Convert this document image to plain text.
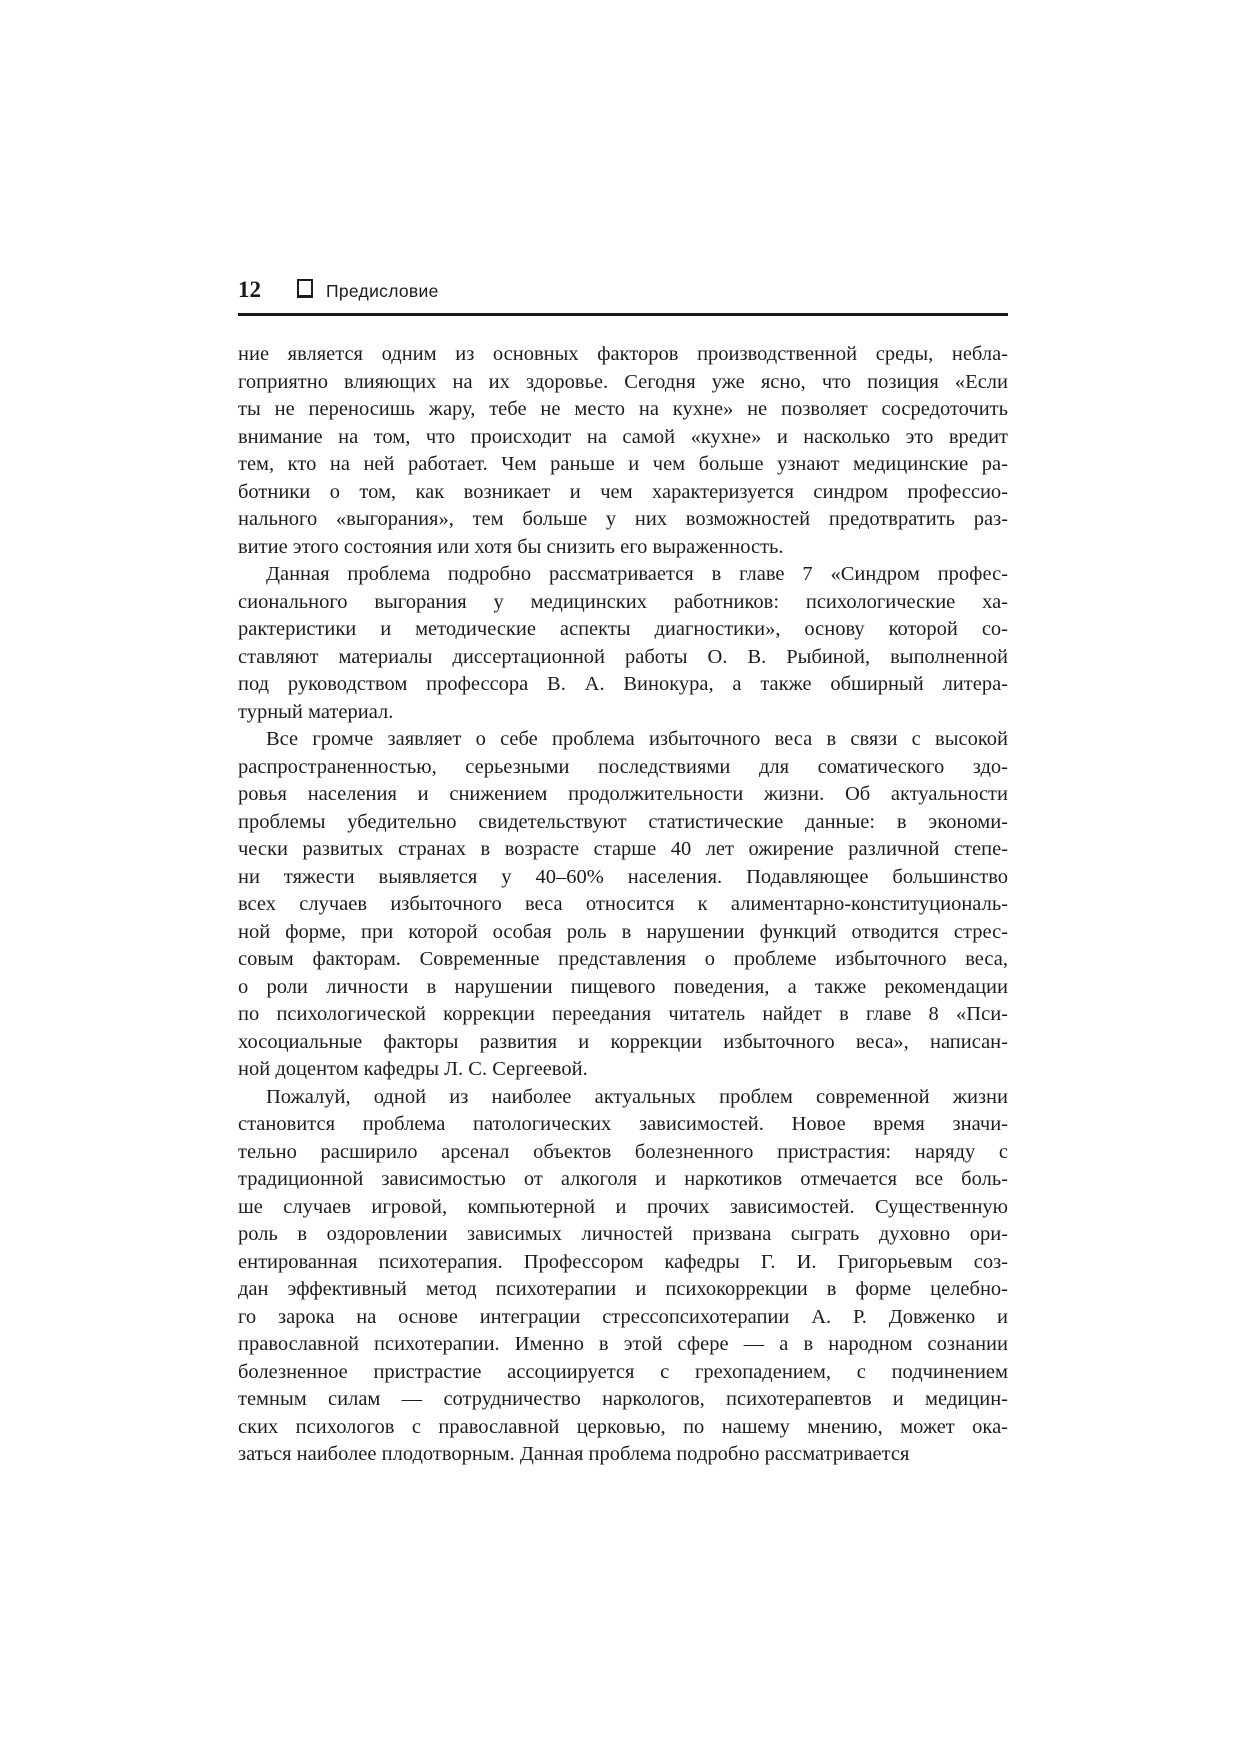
12	Предисловие
ние является одним из основных факторов производственной среды, небла-
гоприятно влияющих на их здоровье. Сегодня уже ясно, что позиция «Если
ты не переносишь жару, тебе не место на кухне» не позволяет сосредоточить
внимание на том, что происходит на самой «кухне» и насколько это вредит
тем, кто на ней работает. Чем раньше и чем больше узнают медицинские ра-
ботники о том, как возникает и чем характеризуется синдром профессио-
нального «выгорания», тем больше у них возможностей предотвратить раз-
витие этого состояния или хотя бы снизить его выраженность.
Данная проблема подробно рассматривается в главе 7 «Синдром профес-
сионального выгорания у медицинских работников: психологические ха-
рактеристики и методические аспекты диагностики», основу которой со-
ставляют материалы диссертационной работы О. В. Рыбиной, выполненной
под руководством профессора В. А. Винокура, а также обширный литера-
турный материал.
Все громче заявляет о себе проблема избыточного веса в связи с высокой
распространенностью, серьезными последствиями для соматического здо-
ровья населения и снижением продолжительности жизни. Об актуальности
проблемы убедительно свидетельствуют статистические данные: в экономи-
чески развитых странах в возрасте старше 40 лет ожирение различной степе-
ни тяжести выявляется у 40–60% населения. Подавляющее большинство
всех случаев избыточного веса относится к алиментарно-конституциональ-
ной форме, при которой особая роль в нарушении функций отводится стрес-
совым факторам. Современные представления о проблеме избыточного веса,
о роли личности в нарушении пищевого поведения, а также рекомендации
по психологической коррекции переедания читатель найдет в главе 8 «Пси-
хосоциальные факторы развития и коррекции избыточного веса», написан-
ной доцентом кафедры Л. С. Сергеевой.
Пожалуй, одной из наиболее актуальных проблем современной жизни
становится проблема патологических зависимостей. Новое время значи-
тельно расширило арсенал объектов болезненного пристрастия: наряду с
традиционной зависимостью от алкоголя и наркотиков отмечается все боль-
ше случаев игровой, компьютерной и прочих зависимостей. Существенную
роль в оздоровлении зависимых личностей призвана сыграть духовно ори-
ентированная психотерапия. Профессором кафедры Г. И. Григорьевым соз-
дан эффективный метод психотерапии и психокоррекции в форме целебно-
го зарока на основе интеграции стрессопсихотерапии А. Р. Довженко и
православной психотерапии. Именно в этой сфере — а в народном сознании
болезненное пристрастие ассоциируется с грехопадением, с подчинением
темным силам — сотрудничество наркологов, психотерапевтов и медицин-
ских психологов с православной церковью, по нашему мнению, может ока-
заться наиболее плодотворным. Данная проблема подробно рассматривается
